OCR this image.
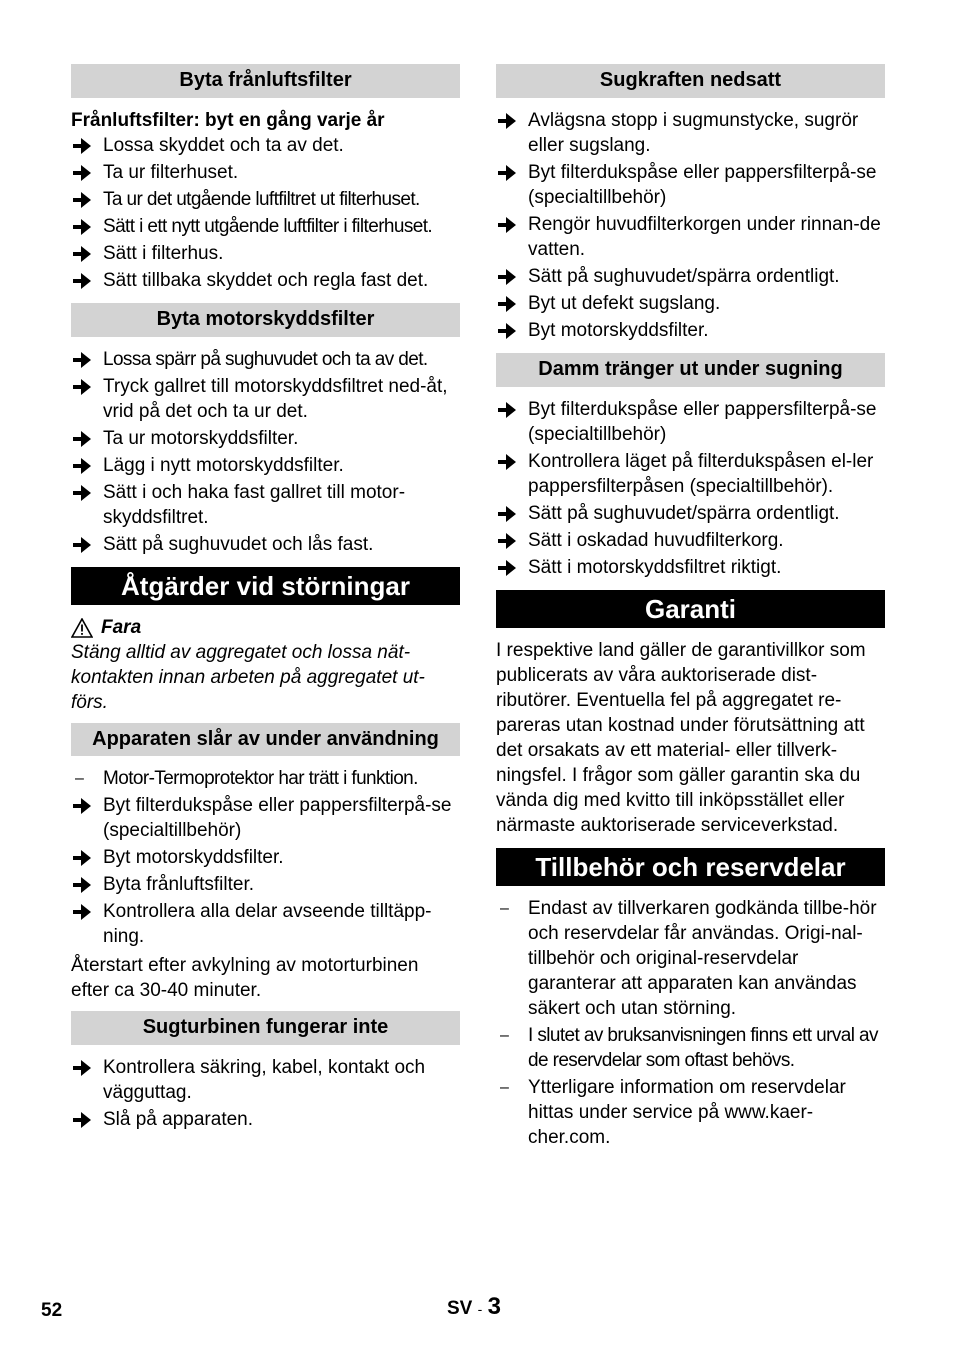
Byta frånluftsfilter
Frånluftsfilter: byt en gång varje år
Lossa skyddet och ta av det.
Ta ur filterhuset.
Ta ur det utgående luftfiltret ut filterhuset.
Sätt i ett nytt utgående luftfilter i filterhuset.
Sätt i filterhus.
Sätt tillbaka skyddet och regla fast det.
Byta motorskyddsfilter
Lossa spärr på sughuvudet och ta av det.
Tryck gallret till motorskyddsfiltret ned-åt, vrid på det och ta ur det.
Ta ur motorskyddsfilter.
Lägg i nytt motorskyddsfilter.
Sätt i och haka fast gallret till motor-skyddsfiltret.
Sätt på sughuvudet och lås fast.
Åtgärder vid störningar
Fara
Stäng alltid av aggregatet och lossa nät-kontakten innan arbeten på aggregatet ut-förs.
Apparaten slår av under användning
–	Motor-Termoprotektor har trätt i funktion.
Byt filterdukspåse eller pappersfilterpå-se (specialtillbehör)
Byt motorskyddsfilter.
Byta frånluftsfilter.
Kontrollera alla delar avseende tilltäpp-ning.
Återstart efter avkylning av motorturbinen efter ca 30-40 minuter.
Sugturbinen fungerar inte
Kontrollera säkring, kabel, kontakt och vägguttag.
Slå på apparaten.
Sugkraften nedsatt
Avlägsna stopp i sugmunstycke, sugrör eller sugslang.
Byt filterdukspåse eller pappersfilterpå-se (specialtillbehör)
Rengör huvudfilterkorgen under rinnan-de vatten.
Sätt på sughuvudet/spärra ordentligt.
Byt ut defekt sugslang.
Byt motorskyddsfilter.
Damm tränger ut under sugning
Byt filterdukspåse eller pappersfilterpå-se (specialtillbehör)
Kontrollera läget på filterdukspåsen el-ler pappersfilterpåsen (specialtillbehör).
Sätt på sughuvudet/spärra ordentligt.
Sätt i oskadad huvudfilterkorg.
Sätt i motorskyddsfiltret riktigt.
Garanti
I respektive land gäller de garantivillkor som publicerats av våra auktoriserade dist-ributörer. Eventuella fel på aggregatet re-pareras utan kostnad under förutsättning att det orsakats av ett material- eller tillverk-ningsfel. I frågor som gäller garantin ska du vända dig med kvitto till inköpsstället eller närmaste auktoriserade serviceverkstad.
Tillbehör och reservdelar
–	Endast av tillverkaren godkända tillbe-hör och reservdelar får användas. Origi-nal-tillbehör och original-reservdelar garanterar att apparaten kan användas säkert och utan störning.
–	I slutet av bruksanvisningen finns ett urval av de reservdelar som oftast behövs.
–	Ytterligare information om reservdelar hittas under service på www.kaer-cher.com.
52	SV - 3
